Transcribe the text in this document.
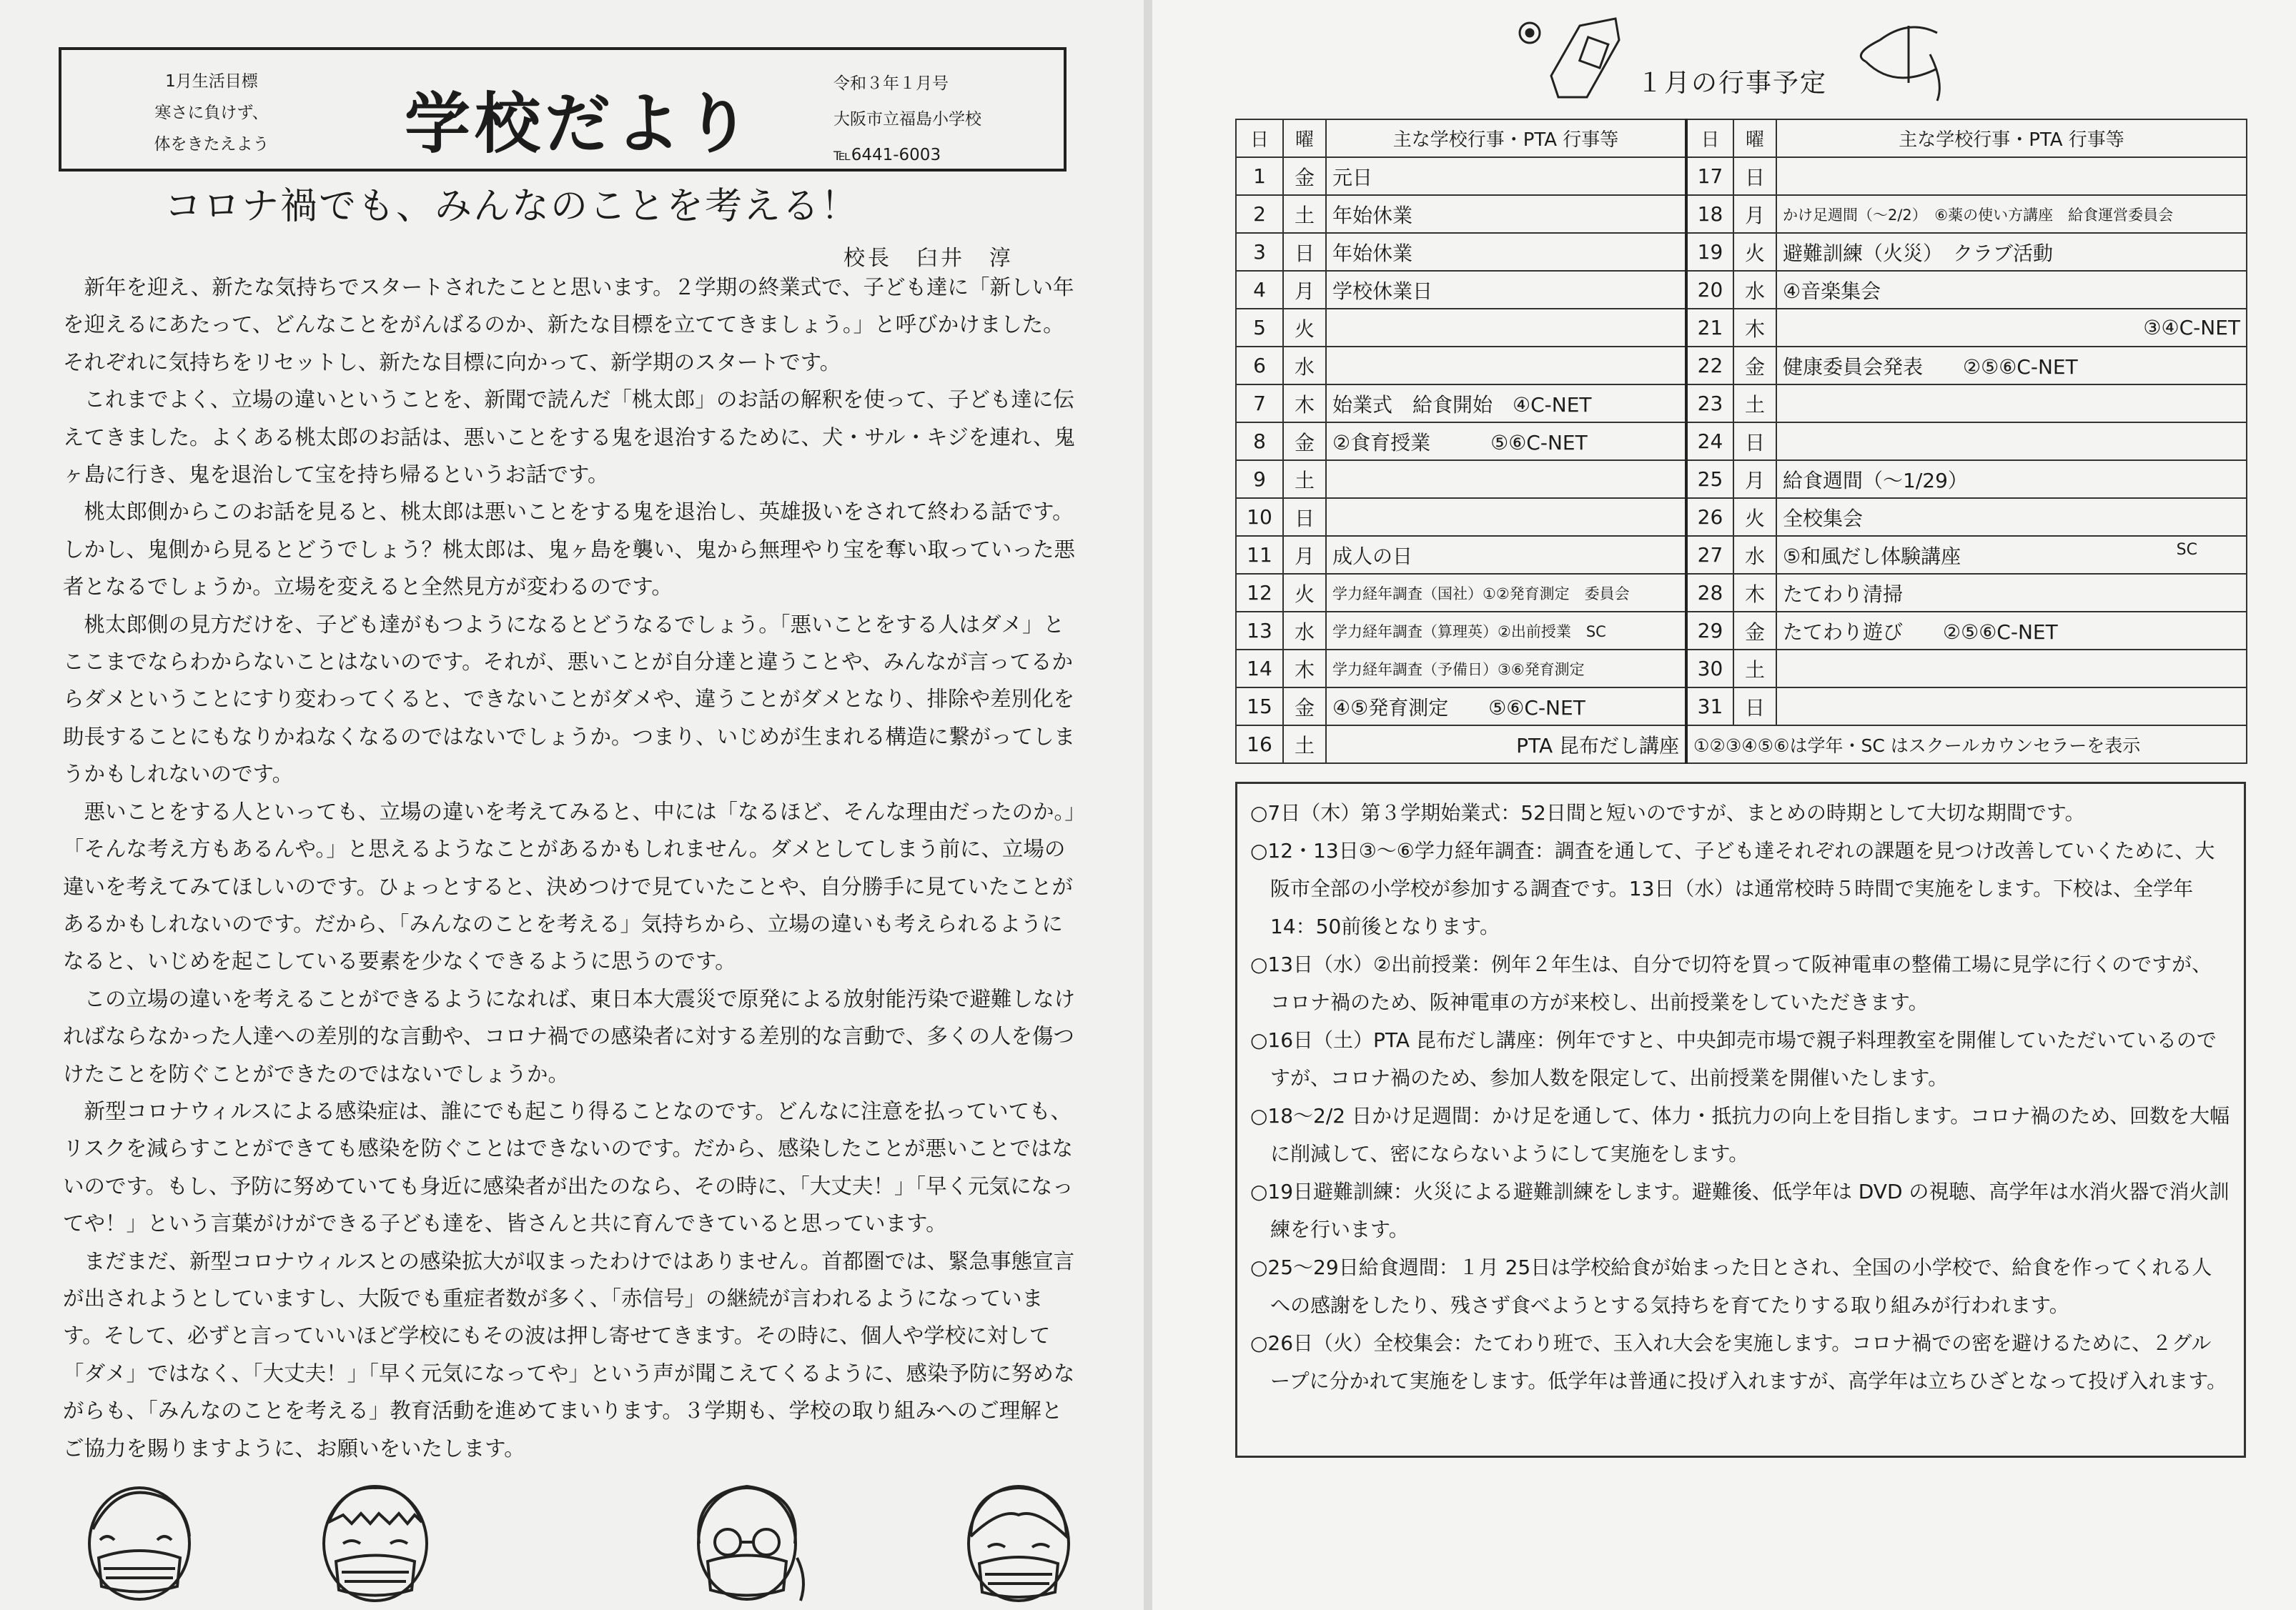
1月生活目標
寒さに負けず、
体をきたえよう	学校だより
令和３年１月号
大阪市立福島小学校
℡6441-6003
コロナ禍でも、みんなのことを考える！
校長　臼井　淳

新年を迎え、新たな気持ちでスタートされたことと思います。２学期の終業式で、子ども達に「新しい年を迎えるにあたって、どんなことをがんばるのか、新たな目標を立ててきましょう。」と呼びかけました。それぞれに気持ちをリセットし、新たな目標に向かって、新学期のスタートです。

これまでよく、立場の違いということを、新聞で読んだ「桃太郎」のお話の解釈を使って、子ども達に伝えてきました。よくある桃太郎のお話は、悪いことをする鬼を退治するために、犬・サル・キジを連れ、鬼ヶ島に行き、鬼を退治して宝を持ち帰るというお話です。

桃太郎側からこのお話を見ると、桃太郎は悪いことをする鬼を退治し、英雄扱いをされて終わる話です。しかし、鬼側から見るとどうでしょう？桃太郎は、鬼ヶ島を襲い、鬼から無理やり宝を奪い取っていった悪者となるでしょうか。立場を変えると全然見方が変わるのです。

桃太郎側の見方だけを、子ども達がもつようになるとどうなるでしょう。「悪いことをする人はダメ」とここまでならわからないことはないのです。それが、悪いことが自分達と違うことや、みんなが言ってるからダメということにすり変わってくると、できないことがダメや、違うことがダメとなり、排除や差別化を助長することにもなりかねなくなるのではないでしょうか。つまり、いじめが生まれる構造に繋がってしまうかもしれないのです。

悪いことをする人といっても、立場の違いを考えてみると、中には「なるほど、そんな理由だったのか。」「そんな考え方もあるんや。」と思えるようなことがあるかもしれません。ダメとしてしまう前に、立場の違いを考えてみてほしいのです。ひょっとすると、決めつけで見ていたことや、自分勝手に見ていたことがあるかもしれないのです。だから、「みんなのことを考える」気持ちから、立場の違いも考えられるようになると、いじめを起こしている要素を少なくできるように思うのです。

この立場の違いを考えることができるようになれば、東日本大震災で原発による放射能汚染で避難しなければならなかった人達への差別的な言動や、コロナ禍での感染者に対する差別的な言動で、多くの人を傷つけたことを防ぐことができたのではないでしょうか。

新型コロナウィルスによる感染症は、誰にでも起こり得ることなのです。どんなに注意を払っていても、リスクを減らすことができても感染を防ぐことはできないのです。だから、感染したことが悪いことではないのです。もし、予防に努めていても身近に感染者が出たのなら、その時に、「大丈夫！」「早く元気になってや！」という言葉がけができる子ども達を、皆さんと共に育んできていると思っています。

まだまだ、新型コロナウィルスとの感染拡大が収まったわけではありません。首都圏では、緊急事態宣言が出されようとしていますし、大阪でも重症者数が多く、「赤信号」の継続が言われるようになっています。そして、必ずと言っていいほど学校にもその波は押し寄せてきます。その時に、個人や学校に対して「ダメ」ではなく、「大丈夫！」「早く元気になってや」という声が聞こえてくるように、感染予防に努めながらも、「みんなのことを考える」教育活動を進めてまいります。３学期も、学校の取り組みへのご理解とご協力を賜りますように、お願いをいたします。

１月の行事予定
日	曜	主な学校行事・PTA 行事等	日	曜	主な学校行事・PTA 行事等
1	金	元日	17	日	
2	土	年始休業	18	月	かけ足週間（～2/2）　⑥薬の使い方講座　給食運営委員会
3	日	年始休業	19	火	避難訓練（火災）　クラブ活動
4	月	学校休業日	20	水	④音楽集会
5	火		21	木	③④C-NET
6	水		22	金	健康委員会発表　　②⑤⑥C-NET
7	木	始業式　給食開始　④C-NET	23	土	
8	金	②食育授業　　　⑤⑥C-NET	24	日	
9	土		25	月	給食週間（～1/29）
10	日		26	火	全校集会
11	月	成人の日	27	水	⑤和風だし体験講座 SC

12	火	学力経年調査（国社）①②発育測定　委員会	28	木	たてわり清掃
13	水	学力経年調査（算理英）②出前授業　SC	29	金	たてわり遊び　　②⑤⑥C-NET
14	木	学力経年調査（予備日）③⑥発育測定	30	土	
15	金	④⑤発育測定　　⑤⑥C-NET	31	日	
16	土	PTA 昆布だし講座	①②③④⑤⑥は学年・SC はスクールカウンセラーを表示		

○7日（木）第３学期始業式：52日間と短いのですが、まとめの時期として大切な期間です。

○12・13日③～⑥学力経年調査：調査を通して、子ども達それぞれの課題を見つけ改善していくために、大阪市全部の小学校が参加する調査です。13日（水）は通常校時５時間で実施をします。下校は、全学年 14：50前後となります。

○13日（水）②出前授業：例年２年生は、自分で切符を買って阪神電車の整備工場に見学に行くのですが、コロナ禍のため、阪神電車の方が来校し、出前授業をしていただきます。

○16日（土）PTA 昆布だし講座：例年ですと、中央卸売市場で親子料理教室を開催していただいているのですが、コロナ禍のため、参加人数を限定して、出前授業を開催いたします。

○18～2/2 日かけ足週間：かけ足を通して、体力・抵抗力の向上を目指します。コロナ禍のため、回数を大幅に削減して、密にならないようにして実施をします。

○19日避難訓練：火災による避難訓練をします。避難後、低学年は DVD の視聴、高学年は水消火器で消火訓練を行います。

○25～29日給食週間：１月 25日は学校給食が始まった日とされ、全国の小学校で、給食を作ってくれる人への感謝をしたり、残さず食べようとする気持ちを育てたりする取り組みが行われます。

○26日（火）全校集会：たてわり班で、玉入れ大会を実施します。コロナ禍での密を避けるために、２グループに分かれて実施をします。低学年は普通に投げ入れますが、高学年は立ちひざとなって投げ入れます。
